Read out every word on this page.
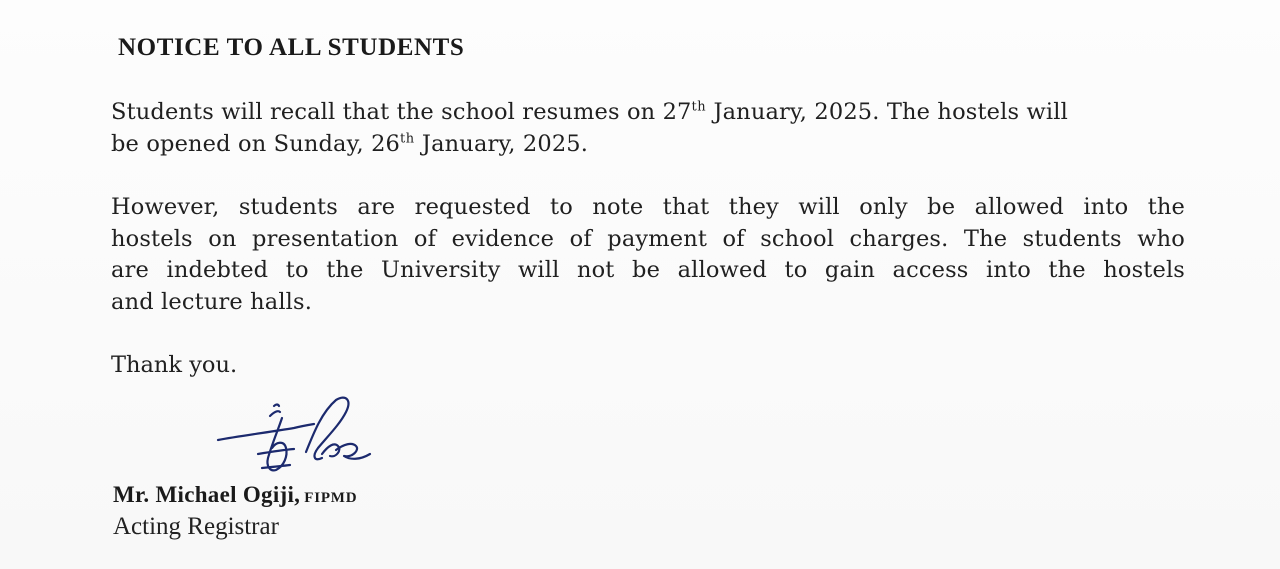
NOTICE TO ALL STUDENTS
Students will recall that the school resumes on 27th January, 2025. The hostels will
be opened on Sunday, 26th January, 2025.
However, students are requested to note that they will only be allowed into the
hostels on presentation of evidence of payment of school charges. The students who
are indebted to the University will not be allowed to gain access into the hostels
and lecture halls.
Thank you.
Mr. Michael Ogiji, FIPMD
Acting Registrar
